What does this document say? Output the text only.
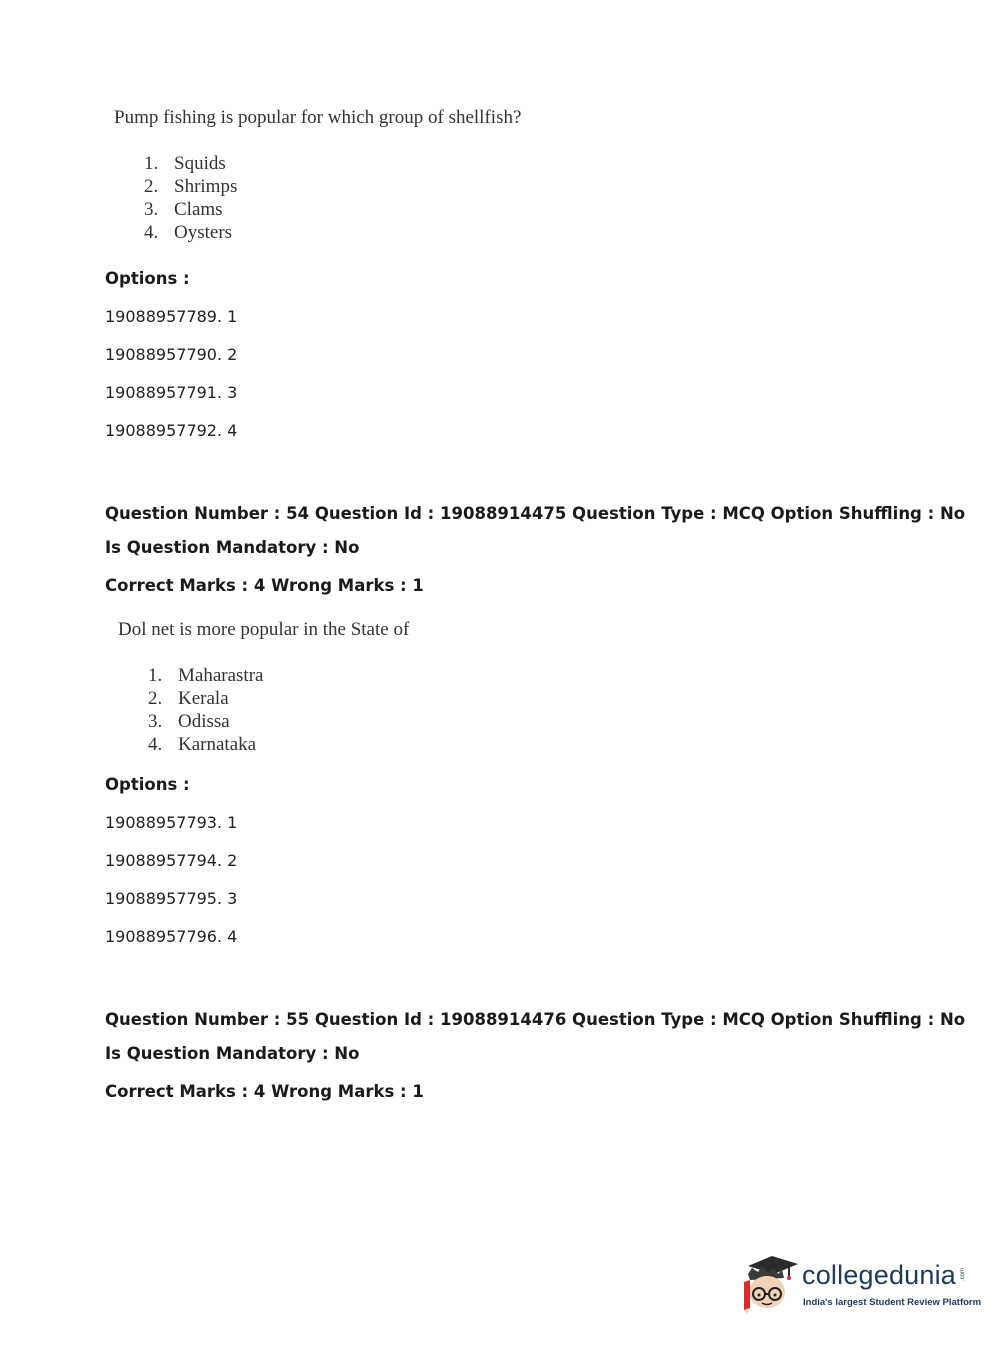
Pump fishing is popular for which group of shellfish?
1. Squids
2. Shrimps
3. Clams
4. Oysters
Options :
19088957789. 1
19088957790. 2
19088957791. 3
19088957792. 4
Question Number : 54 Question Id : 19088914475 Question Type : MCQ Option Shuffling : No
Is Question Mandatory : No
Correct Marks : 4 Wrong Marks : 1
Dol net is more popular in the State of
1. Maharastra
2. Kerala
3. Odissa
4. Karnataka
Options :
19088957793. 1
19088957794. 2
19088957795. 3
19088957796. 4
Question Number : 55 Question Id : 19088914476 Question Type : MCQ Option Shuffling : No
Is Question Mandatory : No
Correct Marks : 4 Wrong Marks : 1
collegedunia .com
India's largest Student Review Platform
